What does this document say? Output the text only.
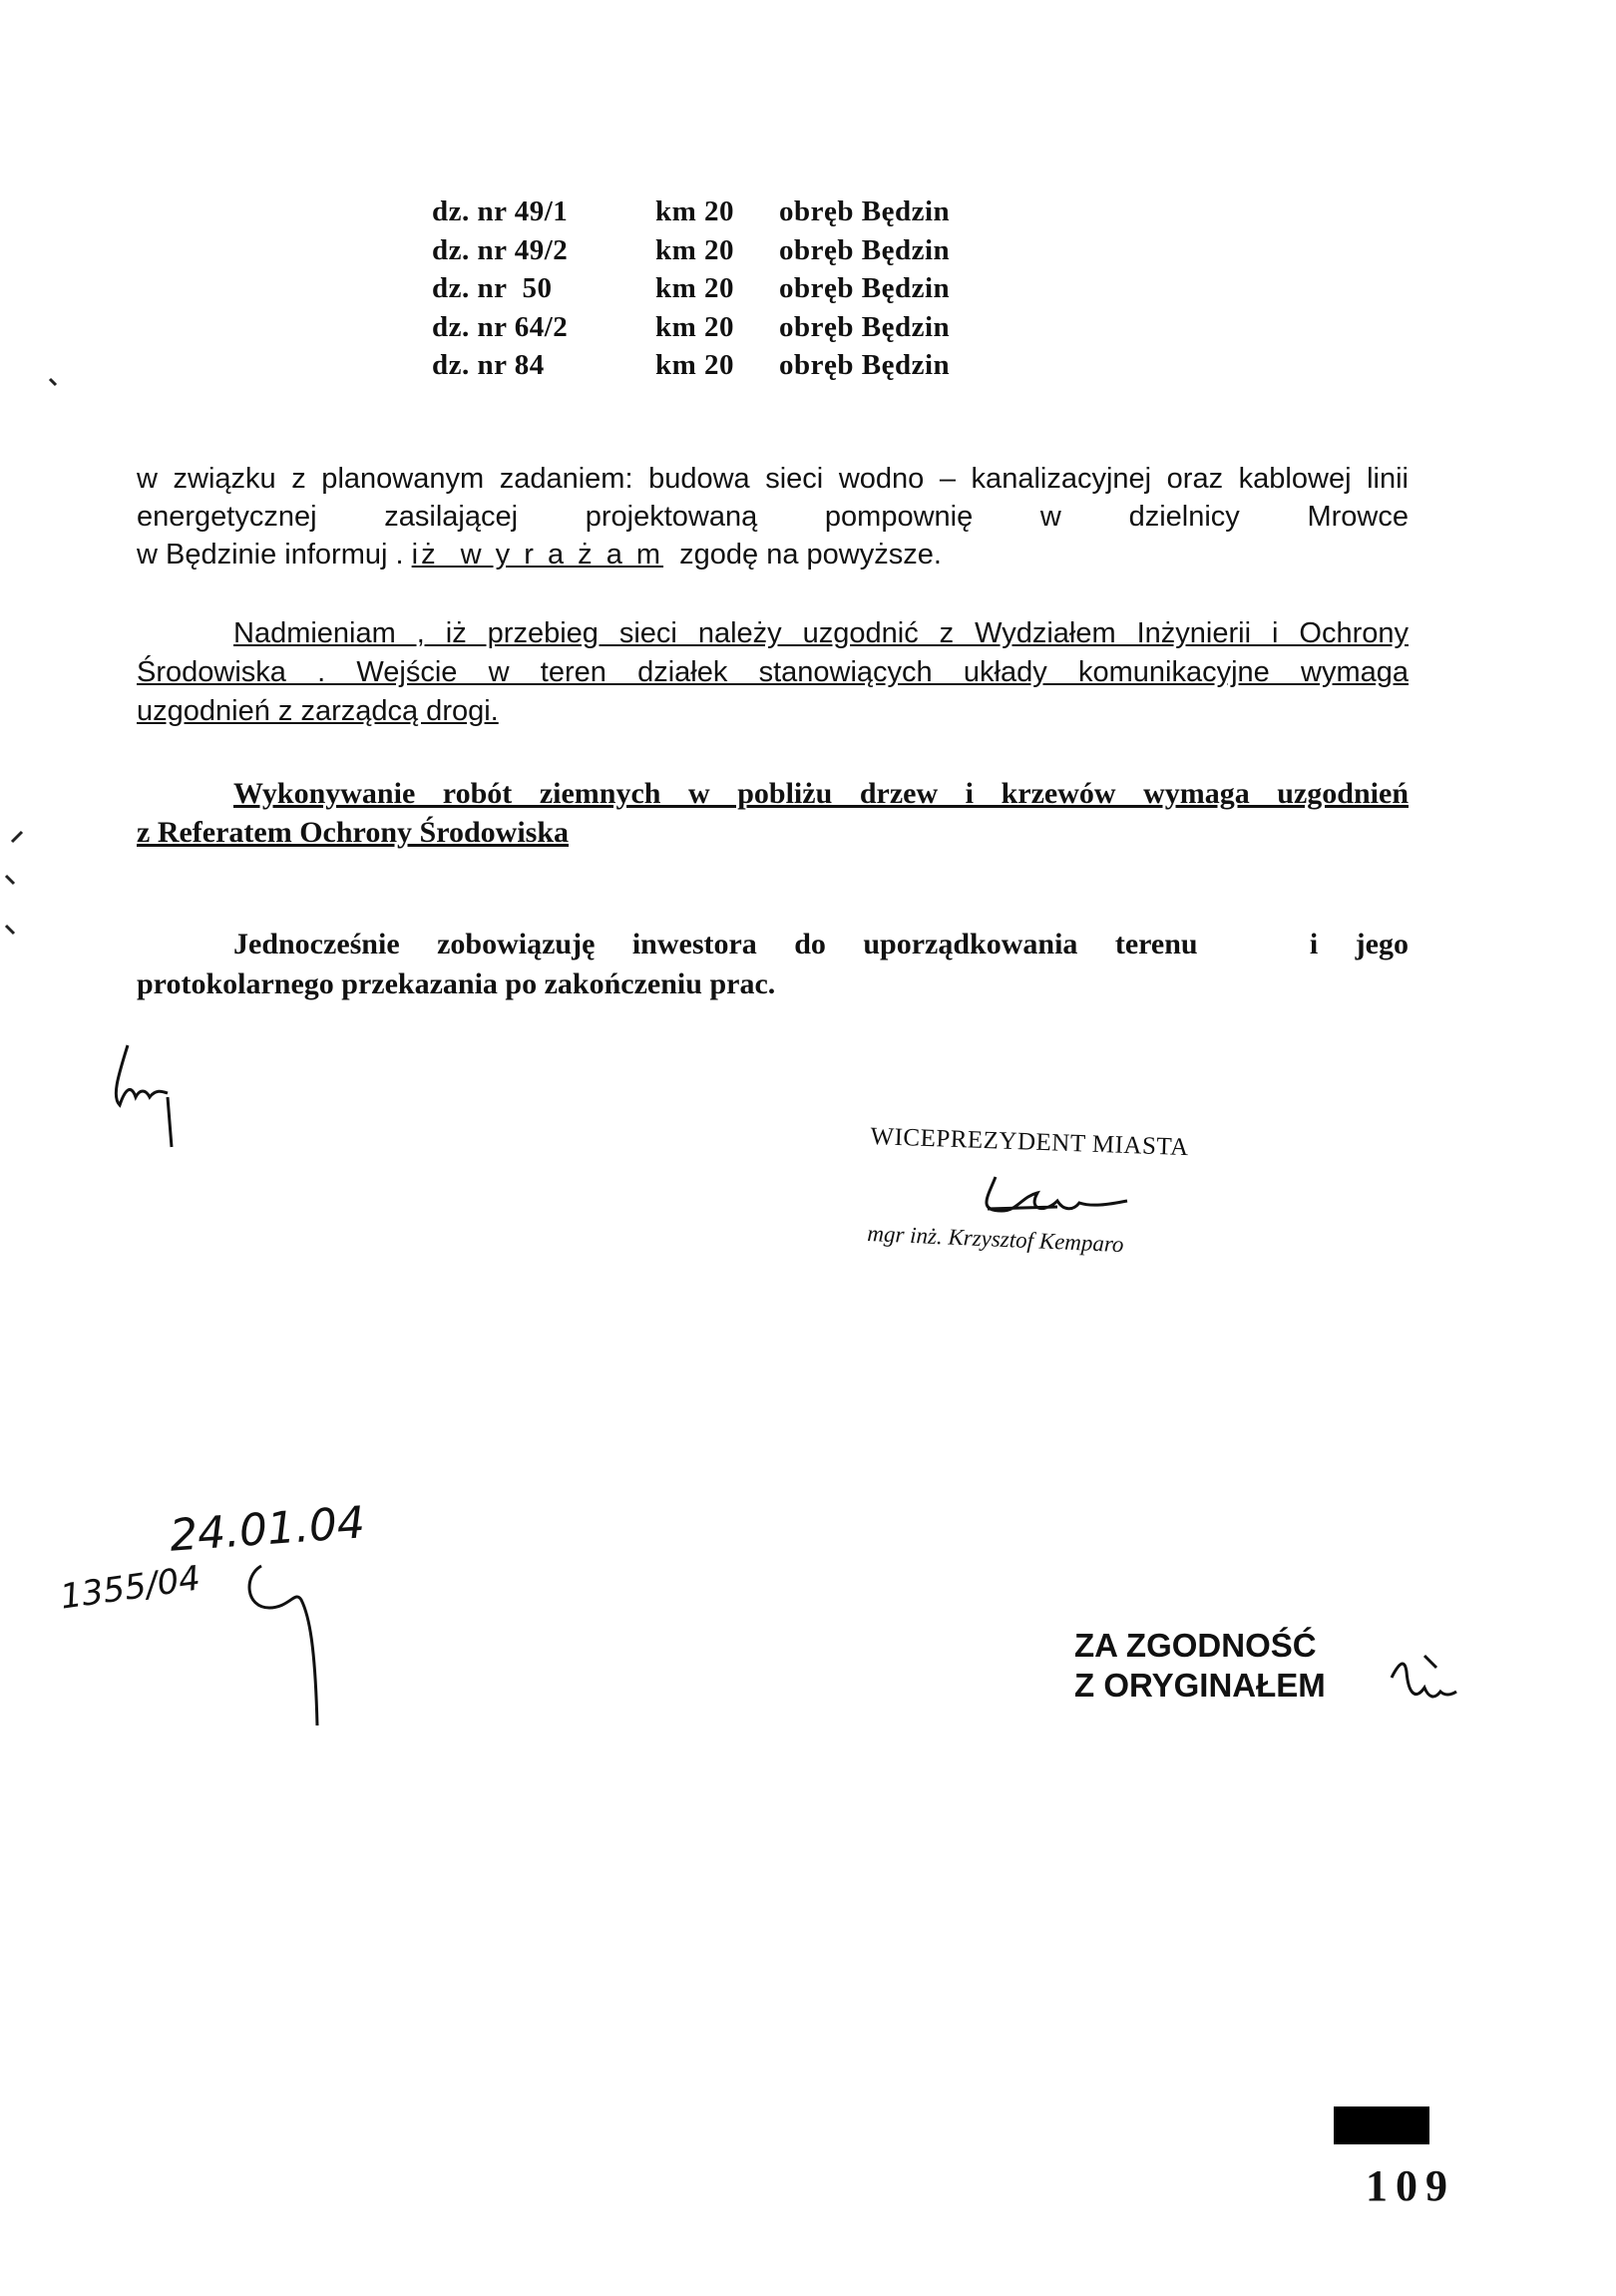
dz. nr 49/1	km 20 obręb Będzin
dz. nr 49/2	km 20 obręb Będzin
dz. nr  50	km 20 obręb Będzin
dz. nr 64/2	km 20 obręb Będzin
dz. nr 84	km 20 obręb Będzin
w związku z planowanym zadaniem: budowa sieci wodno – kanalizacyjnej oraz kablowej linii
energetycznej zasilającej projektowaną pompownię w dzielnicy Mrowce
w Będzinie informuj . iż  w y r a ż a m  zgodę na powyższe.
Nadmieniam , iż przebieg sieci należy uzgodnić z Wydziałem Inżynierii i Ochrony
Środowiska . Wejście w teren działek stanowiących układy komunikacyjne wymaga
uzgodnień z zarządcą drogi.
Wykonywanie robót ziemnych w pobliżu drzew i krzewów wymaga uzgodnień
z Referatem Ochrony Środowiska
Jednocześnie zobowiązuję inwestora do uporządkowania terenu   i jego
protokolarnego przekazania po zakończeniu prac.
WICEPREZYDENT MIASTA
mgr inż. Krzysztof Kemparo
24.01.04
1355/04
ZA ZGODNOŚĆ
Z ORYGINAŁEM
109
